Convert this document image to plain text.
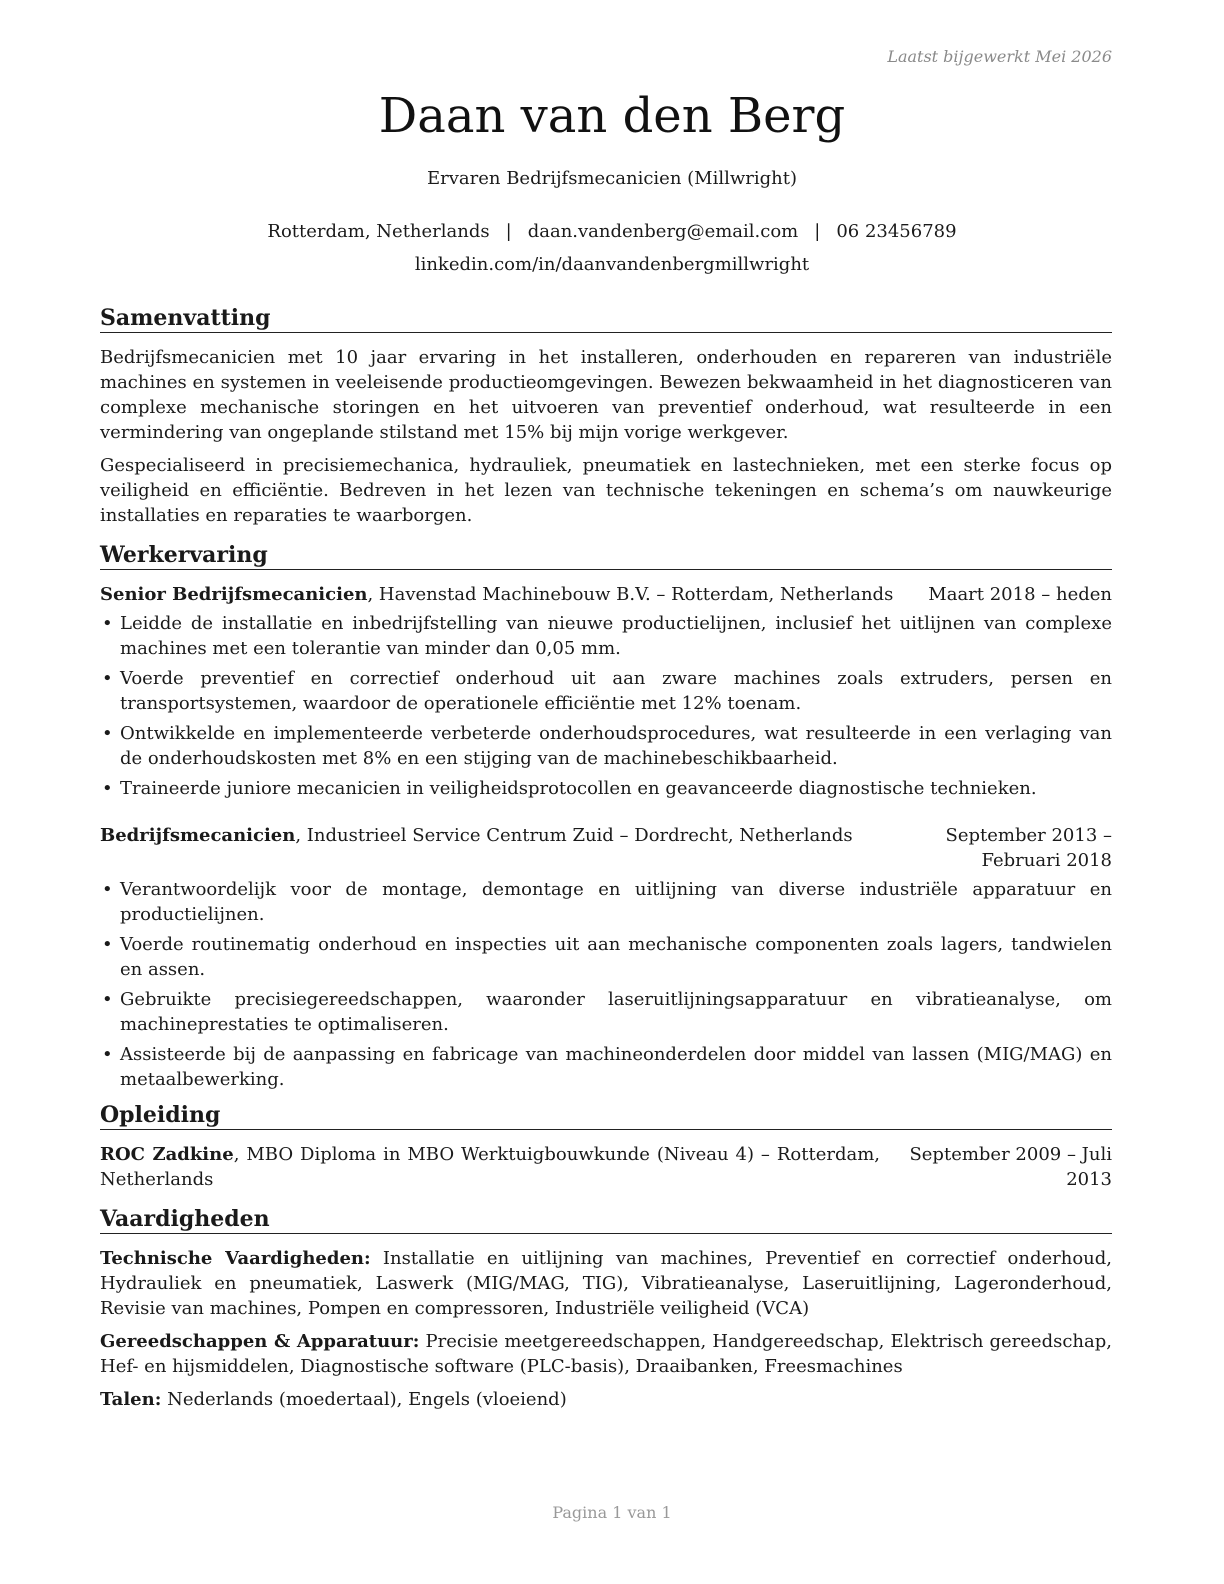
Laatst bijgewerkt Mei 2026
Daan van den Berg
Ervaren Bedrijfsmecanicien (Millwright)
Rotterdam, Netherlands | daan.vandenberg@email.com | 06 23456789
linkedin.com/in/daanvandenbergmillwright
Samenvatting

Bedrijfsmecanicien met 10 jaar ervaring in het installeren, onderhouden en repareren van industriële machines en systemen in veeleisende productieomgevingen. Bewezen bekwaamheid in het diagnosticeren van complexe mechanische storingen en het uitvoeren van preventief onderhoud, wat resulteerde in een vermindering van ongeplande stilstand met 15% bij mijn vorige werkgever.

Gespecialiseerd in precisiemechanica, hydrauliek, pneumatiek en lastechnieken, met een sterke focus op veiligheid en efficiëntie. Bedreven in het lezen van technische tekeningen en schema’s om nauwkeurige installaties en reparaties te waarborgen.

Werkervaring
Senior Bedrijfsmecanicien, Havenstad Machinebouw B.V. – Rotterdam, Netherlands	Maart 2018 – heden
• Leidde de installatie en inbedrijfstelling van nieuwe productielijnen, inclusief het uitlijnen van complexe machines met een tolerantie van minder dan 0,05 mm.
• Voerde preventief en correctief onderhoud uit aan zware machines zoals extruders, persen en transportsystemen, waardoor de operationele efficiëntie met 12% toenam.
• Ontwikkelde en implementeerde verbeterde onderhoudsprocedures, wat resulteerde in een verlaging van de onderhoudskosten met 8% en een stijging van de machinebeschikbaarheid.
• Traineerde juniore mecanicien in veiligheidsprotocollen en geavanceerde diagnostische technieken.
Bedrijfsmecanicien, Industrieel Service Centrum Zuid – Dordrecht, Netherlands	September 2013 – Februari 2018
• Verantwoordelijk voor de montage, demontage en uitlijning van diverse industriële apparatuur en productielijnen.
• Voerde routinematig onderhoud en inspecties uit aan mechanische componenten zoals lagers, tandwielen en assen.
• Gebruikte precisiegereedschappen, waaronder laseruitlijningsapparatuur en vibratieanalyse, om machineprestaties te optimaliseren.
• Assisteerde bij de aanpassing en fabricage van machineonderdelen door middel van lassen (MIG/MAG) en metaalbewerking.
Opleiding
ROC Zadkine, MBO Diploma in MBO Werktuigbouwkunde (Niveau 4) – Rotterdam, Netherlands
September 2009 – Juli 2013
Vaardigheden

Technische Vaardigheden: Installatie en uitlijning van machines, Preventief en correctief onderhoud, Hydrauliek en pneumatiek, Laswerk (MIG/MAG, TIG), Vibratieanalyse, Laseruitlijning, Lageronderhoud, Revisie van machines, Pompen en compressoren, Industriële veiligheid (VCA)

Gereedschappen & Apparatuur: Precisie meetgereedschappen, Handgereedschap, Elektrisch gereedschap, Hef- en hijsmiddelen, Diagnostische software (PLC-basis), Draaibanken, Freesmachines

Talen: Nederlands (moedertaal), Engels (vloeiend)

Pagina 1 van 1
